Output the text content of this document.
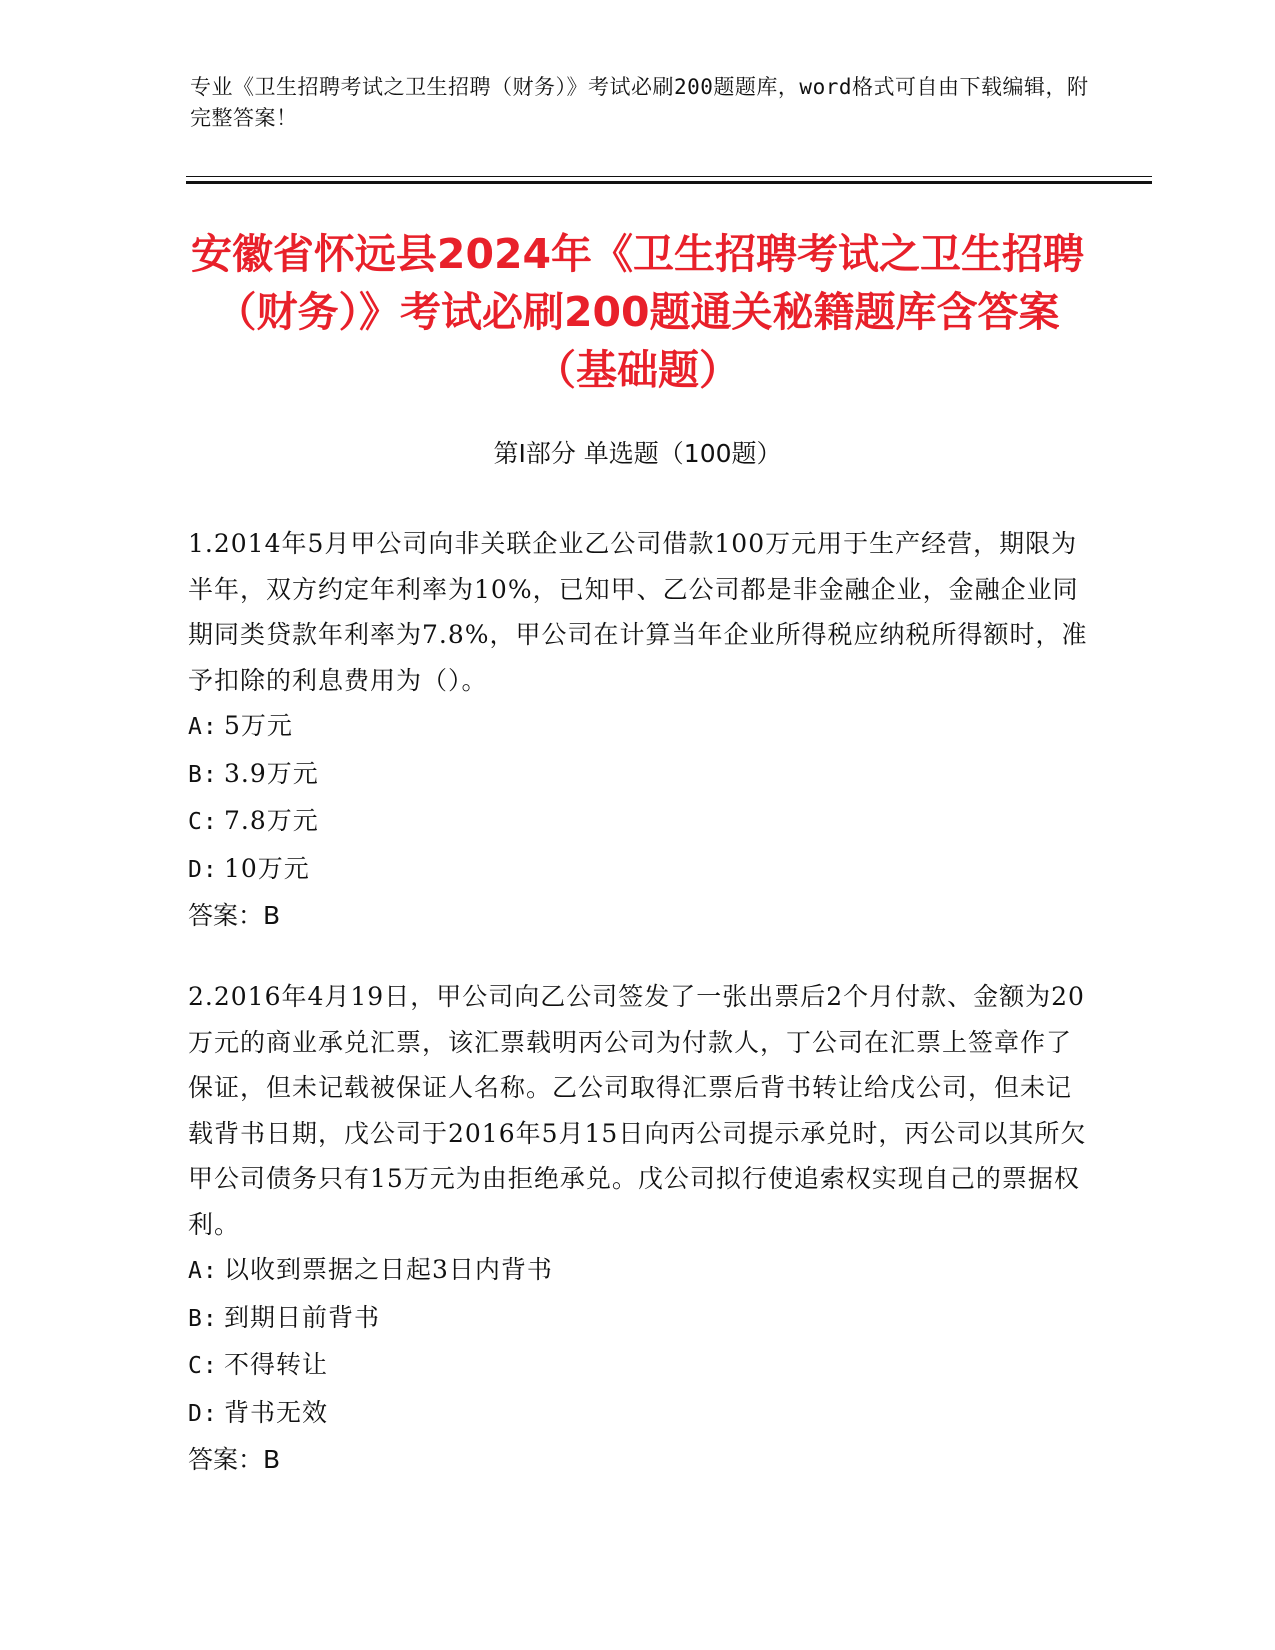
专业《卫生招聘考试之卫生招聘（财务）》考试必刷200题题库，word格式可自由下载编辑，附完整答案！
安徽省怀远县2024年《卫生招聘考试之卫生招聘（财务）》考试必刷200题通关秘籍题库含答案（基础题）
第Ⅰ部分 单选题（100题）

1.2014年5月甲公司向非关联企业乙公司借款100万元用于生产经营，期限为半年，双方约定年利率为10%，已知甲、乙公司都是非金融企业，金融企业同期同类贷款年利率为7.8%，甲公司在计算当年企业所得税应纳税所得额时，准予扣除的利息费用为（）。

A: 5万元

B: 3.9万元

C: 7.8万元

D: 10万元

答案：B

2.2016年4月19日，甲公司向乙公司签发了一张出票后2个月付款、金额为20万元的商业承兑汇票，该汇票载明丙公司为付款人，丁公司在汇票上签章作了保证，但未记载被保证人名称。乙公司取得汇票后背书转让给戊公司，但未记载背书日期，戊公司于2016年5月15日向丙公司提示承兑时，丙公司以其所欠甲公司债务只有15万元为由拒绝承兑。戊公司拟行使追索权实现自己的票据权利。

A: 以收到票据之日起3日内背书

B: 到期日前背书

C: 不得转让

D: 背书无效

答案：B
